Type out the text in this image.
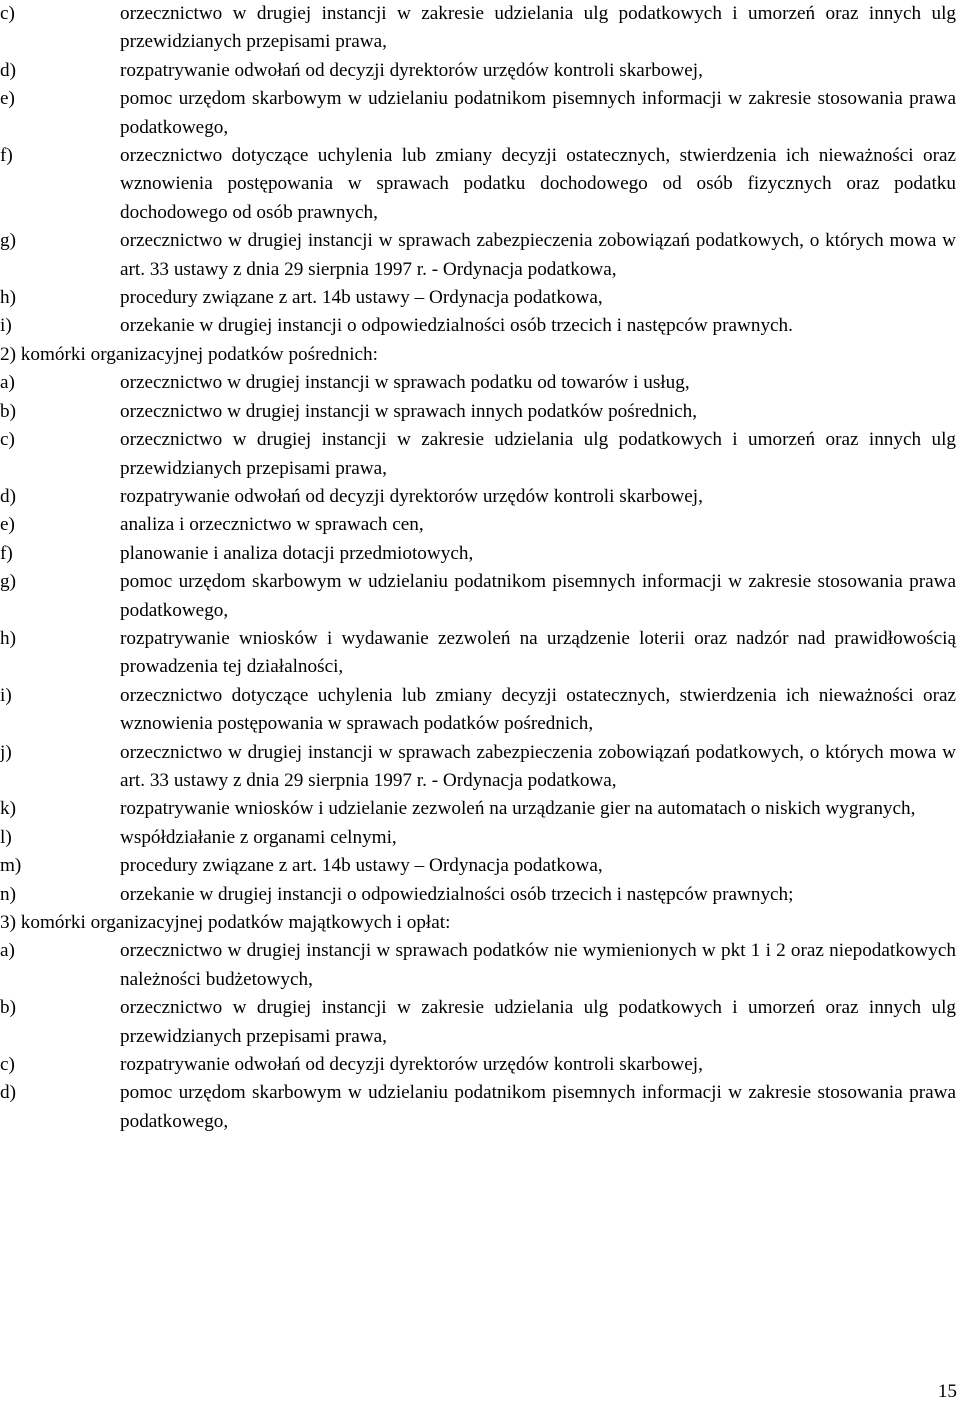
c)	orzecznictwo w drugiej instancji w zakresie udzielania ulg podatkowych i umorzeń oraz innych ulg przewidzianych przepisami prawa,
d)	rozpatrywanie odwołań od decyzji dyrektorów urzędów kontroli skarbowej,
e)	pomoc urzędom skarbowym w udzielaniu podatnikom pisemnych informacji w zakresie stosowania prawa podatkowego,
f)	orzecznictwo dotyczące uchylenia lub zmiany decyzji ostatecznych, stwierdzenia ich nieważności oraz wznowienia postępowania w sprawach podatku dochodowego od osób fizycznych oraz podatku dochodowego od osób prawnych,
g)	orzecznictwo w drugiej instancji w sprawach zabezpieczenia zobowiązań podatkowych, o których mowa w art. 33 ustawy z dnia 29 sierpnia 1997 r. - Ordynacja podatkowa,
h)	procedury związane z art. 14b ustawy – Ordynacja podatkowa,
i)	orzekanie w drugiej instancji o odpowiedzialności osób trzecich i następców prawnych.
2) komórki organizacyjnej podatków pośrednich:
a)	orzecznictwo w drugiej instancji w sprawach podatku od towarów i usług,
b)	orzecznictwo w drugiej instancji w sprawach innych podatków pośrednich,
c)	orzecznictwo w drugiej instancji w zakresie udzielania ulg podatkowych i umorzeń oraz innych ulg przewidzianych przepisami prawa,
d)	rozpatrywanie odwołań od decyzji dyrektorów urzędów kontroli skarbowej,
e)	analiza i orzecznictwo w sprawach cen,
f)	planowanie i analiza dotacji przedmiotowych,
g)	pomoc urzędom skarbowym w udzielaniu podatnikom pisemnych informacji w zakresie stosowania prawa podatkowego,
h)	rozpatrywanie wniosków i wydawanie zezwoleń na urządzenie loterii oraz nadzór nad prawidłowością prowadzenia tej działalności,
i)	orzecznictwo dotyczące uchylenia lub zmiany decyzji ostatecznych, stwierdzenia ich nieważności oraz wznowienia postępowania w sprawach podatków pośrednich,
j)	orzecznictwo w drugiej instancji w sprawach zabezpieczenia zobowiązań podatkowych, o których mowa w art. 33 ustawy z dnia 29 sierpnia 1997 r. - Ordynacja podatkowa,
k)	rozpatrywanie wniosków i udzielanie zezwoleń na urządzanie gier na automatach o niskich wygranych,
l)	współdziałanie z organami celnymi,
m)	procedury związane z art. 14b ustawy – Ordynacja podatkowa,
n)	orzekanie w drugiej instancji o odpowiedzialności osób trzecich i następców prawnych;
3) komórki organizacyjnej podatków majątkowych i opłat:
a)	orzecznictwo w drugiej instancji w sprawach podatków nie wymienionych w pkt 1 i 2 oraz niepodatkowych należności budżetowych,
b)	orzecznictwo w drugiej instancji w zakresie udzielania ulg podatkowych i umorzeń oraz innych ulg przewidzianych przepisami prawa,
c)	rozpatrywanie odwołań od decyzji dyrektorów urzędów kontroli skarbowej,
d)	pomoc urzędom skarbowym w udzielaniu podatnikom pisemnych informacji w zakresie stosowania prawa podatkowego,
15
